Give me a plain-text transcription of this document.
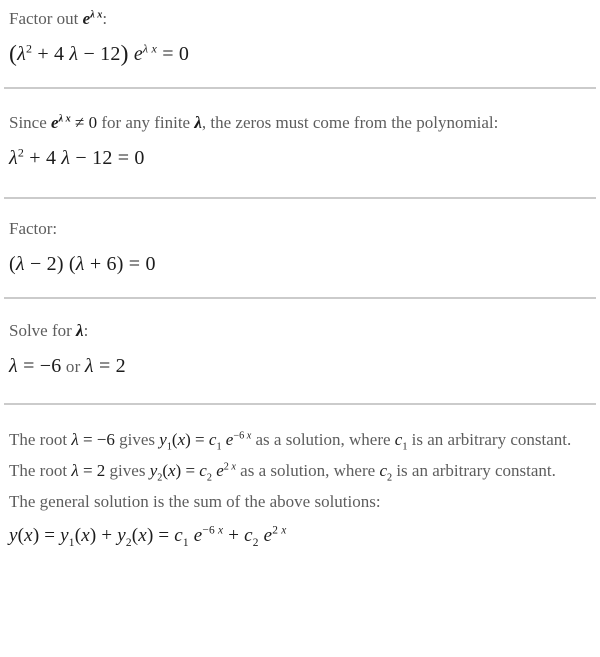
Factor out $e^{\lambda x}$:

($\lambda^2 + 4$ λ − 12) $e^{\lambda x} = 0$

Since $e^{\lambda x} \ne 0$ for any finite λ, the zeros must come from the polynomial:

$\lambda^2 + 4$ λ − 12 = 0

Factor:

(λ − 2) (λ + 6) = 0

Solve for λ:

λ = −6 or λ = 2

The root λ = −6 gives $y_1(x) = c_1$ $e^{-6}$ $^x$ as a solution, where $c_1$ is an arbitrary constant.

The root λ = 2 gives $y_2(x) = c_2$ $e^2$ $^x$ as a solution, where $c_2$ is an arbitrary constant.

The general solution is the sum of the above solutions:

$y(x) = y_1(x) + y_2(x) = c_1$ $e^{-6}$ $^x + c_2$ $e^2$ $^x$
